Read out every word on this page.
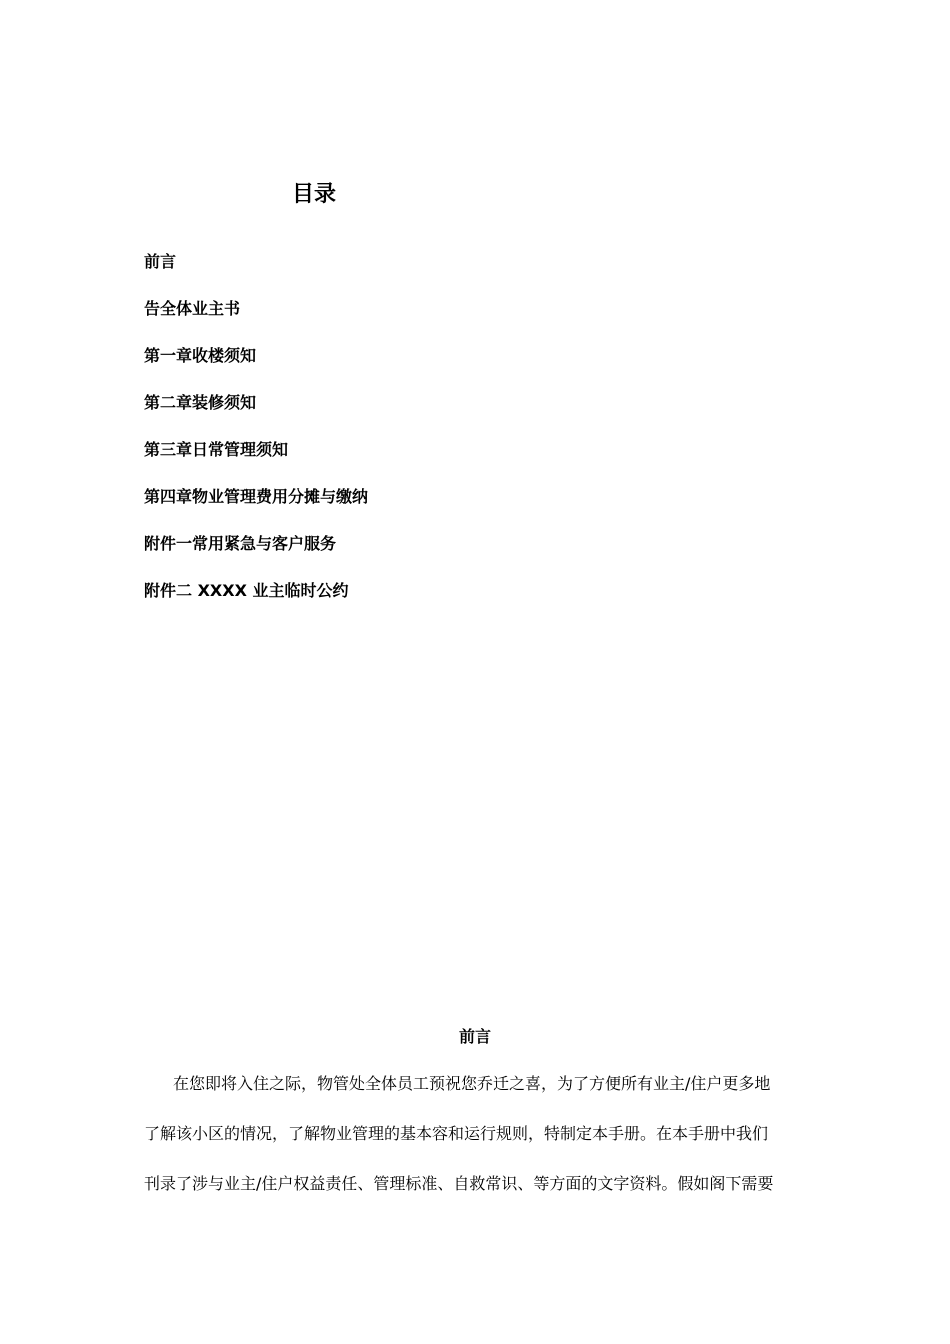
目录
前言
告全体业主书
第一章收楼须知
第二章装修须知
第三章日常管理须知
第四章物业管理费用分摊与缴纳
附件一常用紧急与客户服务
附件二 XXXX 业主临时公约
前言
在您即将入住之际，物管处全体员工预祝您乔迁之喜，为了方便所有业主/住户更多地
了解该小区的情况，了解物业管理的基本容和运行规则，特制定本手册。在本手册中我们
刊录了涉与业主/住户权益责任、管理标准、自救常识、等方面的文字资料。假如阁下需要
